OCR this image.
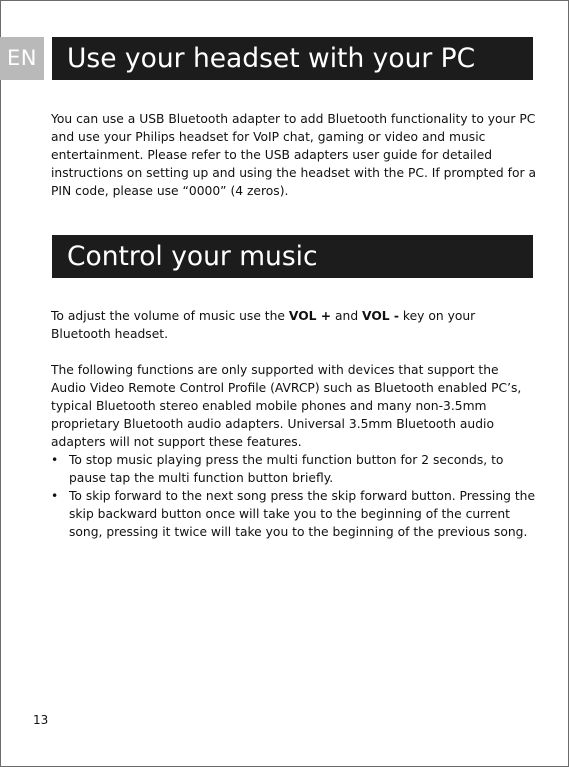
EN	Use your headset with your PC

You can use a USB Bluetooth adapter to add Bluetooth functionality to your PC and use your Philips headset for VoIP chat, gaming or video and music entertainment. Please refer to the USB adapters user guide for detailed instructions on setting up and using the headset with the PC. If prompted for a PIN code, please use “0000” (4 zeros).

Control your music

To adjust the volume of music use the VOL + and VOL - key on your Bluetooth headset.

The following functions are only supported with devices that support the Audio Video Remote Control Profile (AVRCP) such as Bluetooth enabled PC’s, typical Bluetooth stereo enabled mobile phones and many non-3.5mm proprietary Bluetooth audio adapters. Universal 3.5mm Bluetooth audio adapters will not support these features.

• To stop music playing press the multi function button for 2 seconds, to pause tap the multi function button briefly.
• To skip forward to the next song press the skip forward button. Pressing the skip backward button once will take you to the beginning of the current song, pressing it twice will take you to the beginning of the previous song.
13
